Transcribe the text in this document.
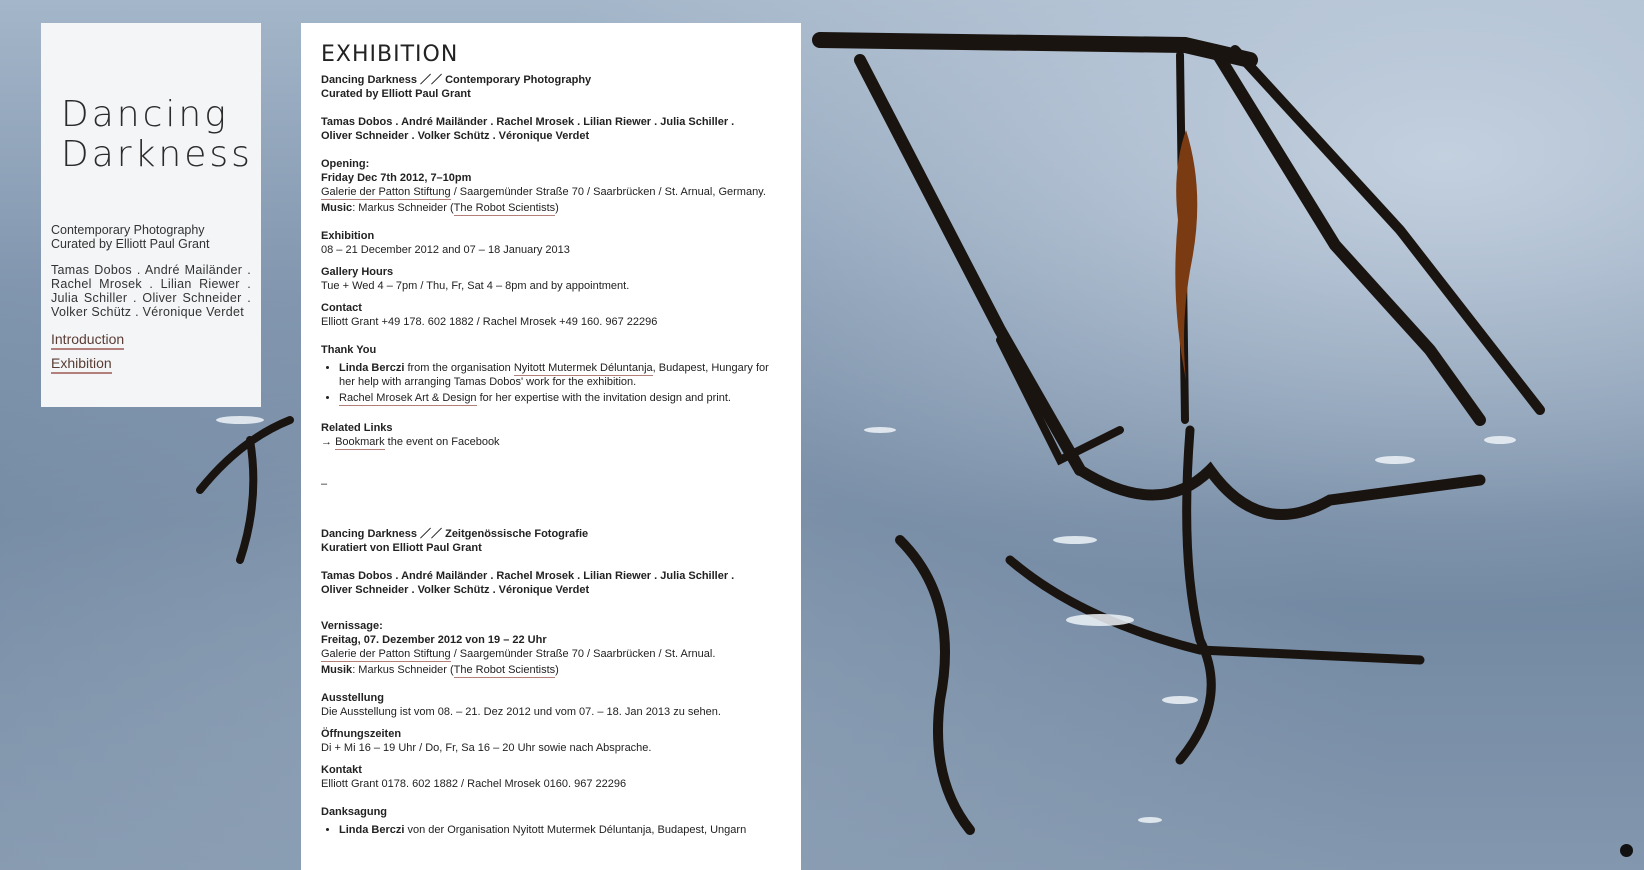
Dancing
Darkness
Contemporary Photography
Curated by Elliott Paul Grant
Tamas Dobos . André Mailänder . Rachel Mrosek . Lilian Riewer . Julia Schiller . Oliver Schneider . Volker Schütz . Véronique Verdet
Introduction
Exhibition
EXHIBITION
Dancing Darkness ／／ Contemporary Photography
Curated by Elliott Paul Grant
Tamas Dobos . André Mailänder . Rachel Mrosek . Lilian Riewer . Julia Schiller .
Oliver Schneider . Volker Schütz . Véronique Verdet
Opening:
Friday Dec 7th 2012, 7–10pm
Galerie der Patton Stiftung / Saargemünder Straße 70 / Saarbrücken / St. Arnual, Germany.
Music: Markus Schneider (The Robot Scientists)
Exhibition
08 – 21 December 2012 and 07 – 18 January 2013
Gallery Hours
Tue + Wed 4 – 7pm / Thu, Fr, Sat 4 – 8pm and by appointment.
Contact
Elliott Grant +49 178. 602 1882 / Rachel Mrosek +49 160. 967 22296
Thank You
• Linda Berczi from the organisation Nyitott Mutermek Déluntanja, Budapest, Hungary for her help with arranging Tamas Dobos' work for the exhibition.
• Rachel Mrosek Art & Design for her expertise with the invitation design and print.
Related Links
→ Bookmark the event on Facebook
–
Dancing Darkness ／／ Zeitgenössische Fotografie
Kuratiert von Elliott Paul Grant
Tamas Dobos . André Mailänder . Rachel Mrosek . Lilian Riewer . Julia Schiller .
Oliver Schneider . Volker Schütz . Véronique Verdet
Vernissage:
Freitag, 07. Dezember 2012 von 19 – 22 Uhr
Galerie der Patton Stiftung / Saargemünder Straße 70 / Saarbrücken / St. Arnual.
Musik: Markus Schneider (The Robot Scientists)
Ausstellung
Die Ausstellung ist vom 08. – 21. Dez 2012 und vom 07. – 18. Jan 2013 zu sehen.
Öffnungszeiten
Di + Mi 16 – 19 Uhr / Do, Fr, Sa 16 – 20 Uhr sowie nach Absprache.
Kontakt
Elliott Grant 0178. 602 1882 / Rachel Mrosek 0160. 967 22296
Danksagung
• Linda Berczi von der Organisation Nyitott Mutermek Déluntanja, Budapest, Ungarn
